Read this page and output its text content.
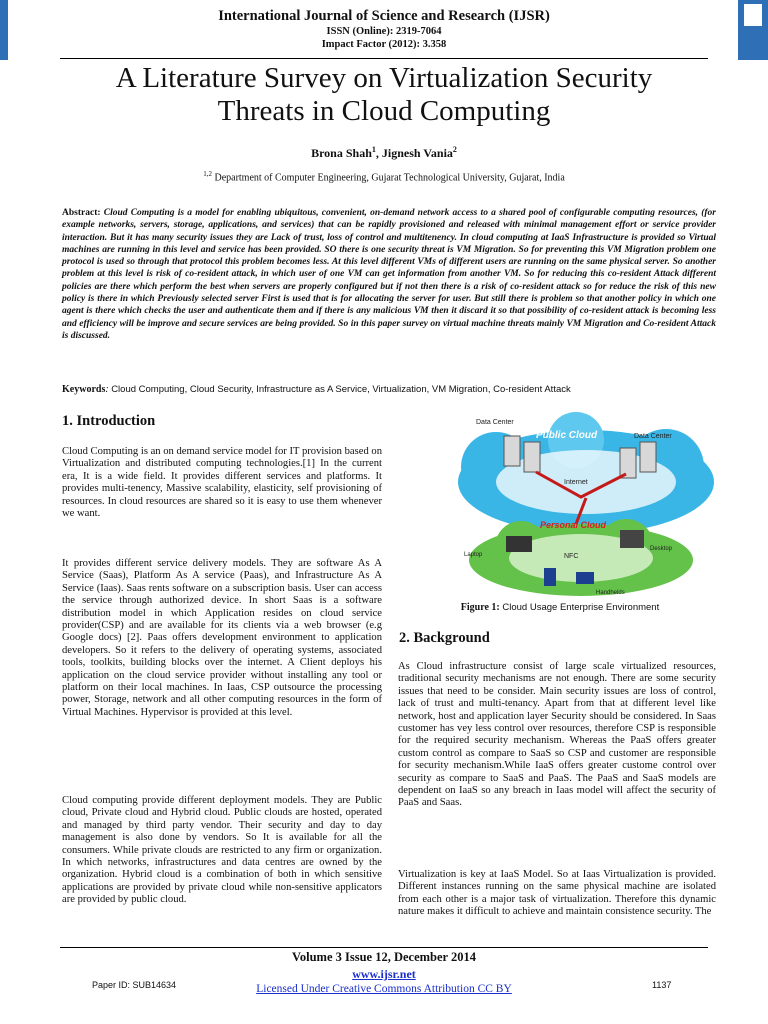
International Journal of Science and Research (IJSR)
ISSN (Online): 2319-7064
Impact Factor (2012): 3.358
A Literature Survey on Virtualization Security
Threats in Cloud Computing
Brona Shah$^1$, Jignesh Vania$^2$
$^{1,2}$ Department of Computer Engineering, Gujarat Technological University, Gujarat, India
Abstract: Cloud Computing is a model for enabling ubiquitous, convenient, on-demand network access to a shared pool of configurable computing resources, (for example networks, servers, storage, applications, and services) that can be rapidly provisioned and released with minimal management effort or service provider interaction. But it has many security issues they are Lack of trust, loss of control and multitenency. In cloud computing at IaaS Infrastructure is provided so Virtual machines are running in this level and service has been provided. SO there is one security threat is VM Migration. So for preventing this VM Migration problem one protocol is used so through that protocol this problem becomes less. At this level different VMs of different users are running on the same physical server. So another problem at this level is risk of co-resident attack, in which user of one VM can get information from another VM. So for reducing this co-resident Attack different policies are there which perform the best when servers are properly configured but if not then there is a risk of co-resident attack so for reduce the risk of this new policy is there in which Previously selected server First is used that is for allocating the server for user. But still there is problem so that another policy in which one agent is there which checks the user and authenticate them and if there is any malicious VM then it discard it so that possibility of co-resident attack is becoming less and efficiency will be improve and secure services are being provided. So in this paper survey on virtual machine threats mainly VM Migration and Co-resident Attack is discussed.
Keywords: Cloud Computing, Cloud Security, Infrastructure as A Service, Virtualization, VM Migration, Co-resident Attack
1. Introduction
Cloud Computing is an on demand service model for IT provision based on Virtualization and distributed computing technologies.[1] In the current era, It is a wide field. It provides different services and platforms. It provides multi-tenency, Massive scalability, elasticity, self provisioning of resources. In cloud resources are shared so it is easy to use them whenever we want.
It provides different service delivery models. They are software As A Service (Saas), Platform As A service (Paas), and Infrastructure As A Service (Iaas). Saas rents software on a subscription basis. User can access the service through authorized device. In short Saas is a software distribution model in which Application resides on cloud service provider(CSP) and are available for its clients via a web browser (e.g Google docs) [2]. Paas offers development environment to application developers. So it refers to the delivery of operating systems, associated tools, toolkits, building blocks over the internet. A Client deploys his application on the cloud service provider without installing any tool or platform on their local machines. In Iaas, CSP outsource the processing power, Storage, network and all other computing resources in the form of Virtual Machines. Hypervisor is provided at this level.
Cloud computing provide different deployment models. They are Public cloud, Private cloud and Hybrid cloud. Public clouds are hosted, operated and managed by third party vendor. Their security and day to day management is also done by vendors. So It is available for all the consumers. While private clouds are restricted to any firm or organization. In which networks, infrastructures and data centres are owned by the organization. Hybrid cloud is a combination of both in which sensitive applications are provided by private cloud while non-sensitive applicators are provided by public cloud.
Data Center
Data Center
Public Cloud
Internet
Personal Cloud
Laptop
Desktop
NFC
Handhelds
Figure 1: Cloud Usage Enterprise Environment
2. Background
As Cloud infrastructure consist of large scale virtualized resources, traditional security mechanisms are not enough. There are some security issues that need to be consider. Main security issues are loss of control, lack of trust and multi-tenancy. Apart from that at different level like network, host and application layer Security should be considered. In Saas customer has vey less control over resources, therefore CSP is responsible for the required security mechanism. Whereas the PaaS offers greater custom control as compare to SaaS so CSP and customer are responsible for security mechanism.While IaaS offers greater custome control over security as compare to SaaS and PaaS. The PaaS and SaaS models are dependent on IaaS so any breach in Iaas model will affect the security of PaaS and Saas.
Virtualization is key at IaaS Model. So at Iaas Virtualization is provided. Different instances running on the same physical machine are isolated from each other is a major task of virtualization. Therefore this dynamic nature makes it difficult to achieve and maintain consistence security. The
Volume 3 Issue 12, December 2014
www.ijsr.net
Licensed Under Creative Commons Attribution CC BY
Paper ID: SUB14634	1137
